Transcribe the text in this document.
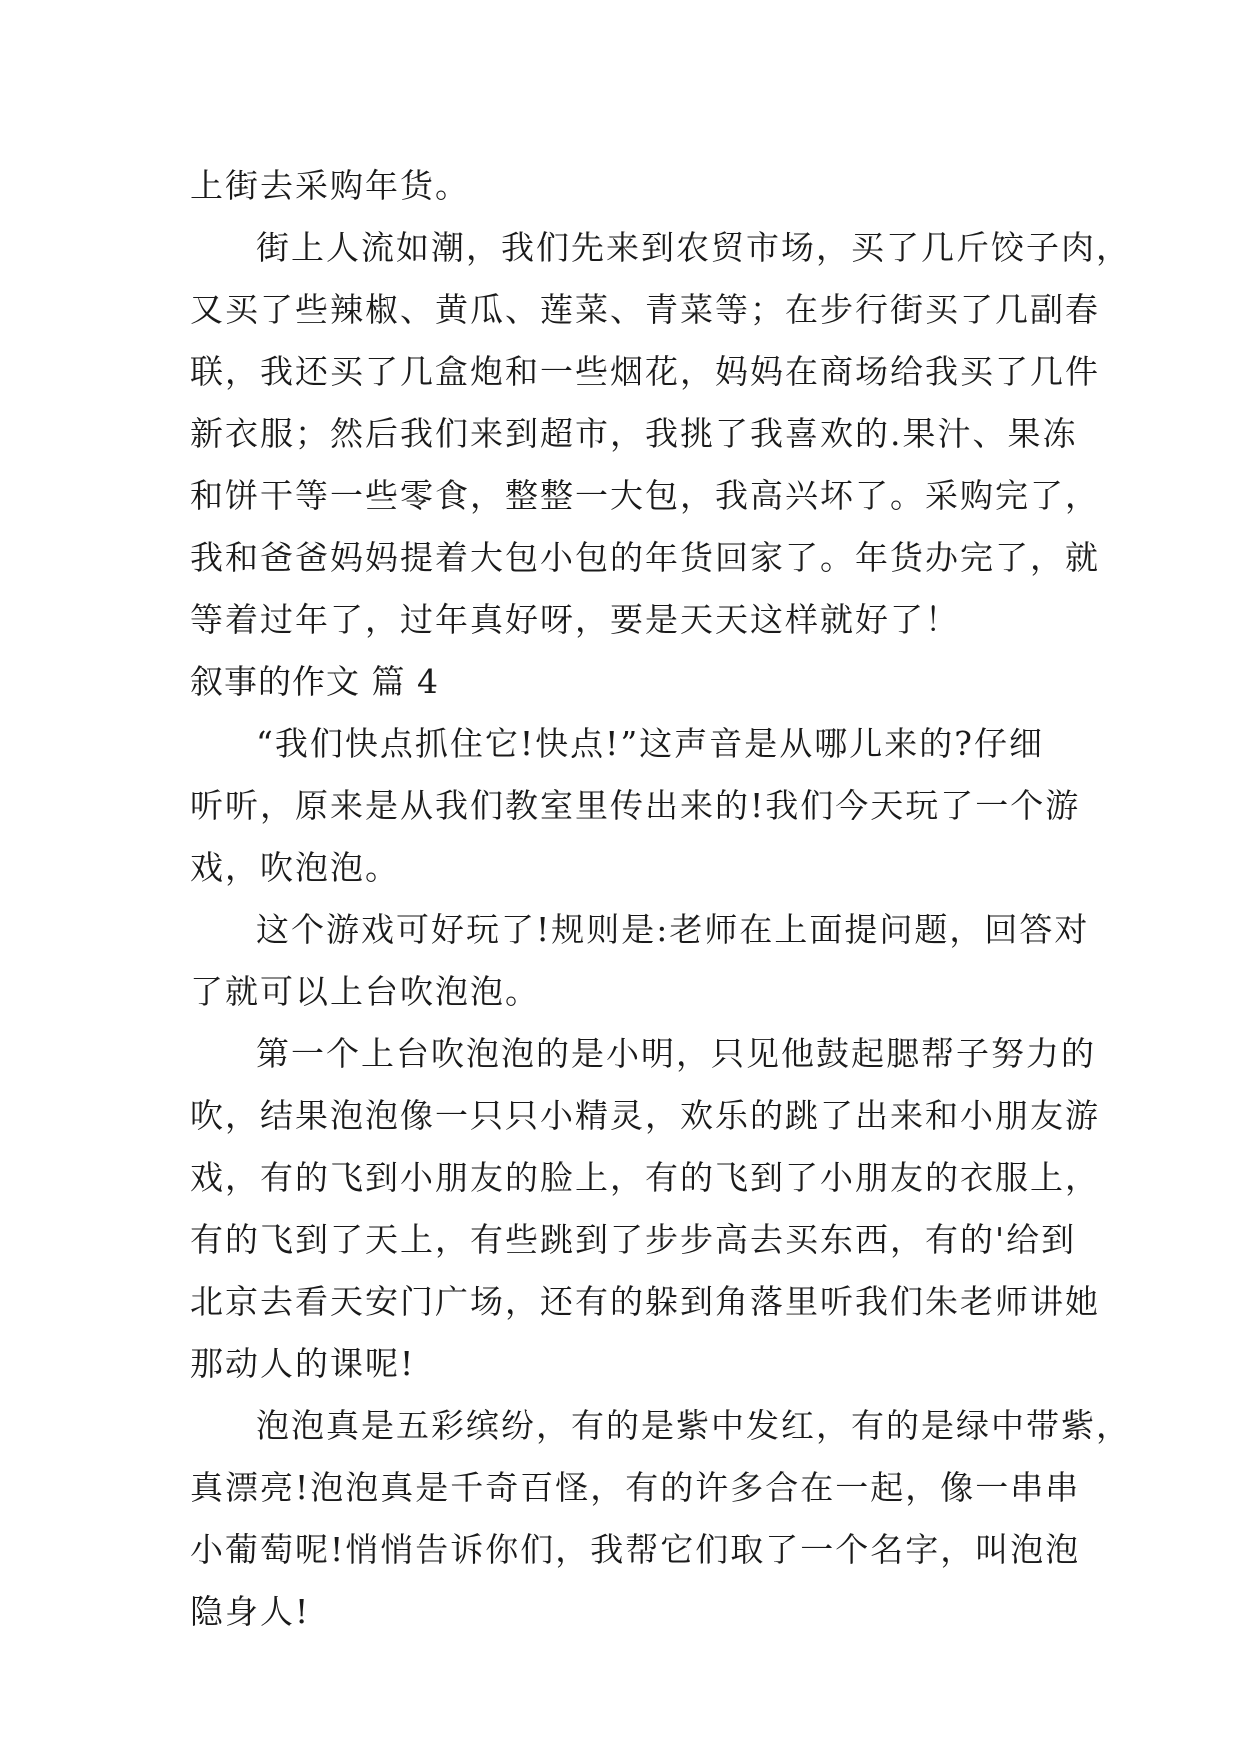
上街去采购年货。
街上人流如潮，我们先来到农贸市场，买了几斤饺子肉，
又买了些辣椒、黄瓜、莲菜、青菜等；在步行街买了几副春
联，我还买了几盒炮和一些烟花，妈妈在商场给我买了几件
新衣服；然后我们来到超市，我挑了我喜欢的.果汁、果冻
和饼干等一些零食，整整一大包，我高兴坏了。采购完了，
我和爸爸妈妈提着大包小包的年货回家了。年货办完了，就
等着过年了，过年真好呀，要是天天这样就好了！
叙事的作文 篇 4
“我们快点抓住它!快点!”这声音是从哪儿来的?仔细
听听，原来是从我们教室里传出来的!我们今天玩了一个游
戏，吹泡泡。
这个游戏可好玩了!规则是:老师在上面提问题，回答对
了就可以上台吹泡泡。
第一个上台吹泡泡的是小明，只见他鼓起腮帮子努力的
吹，结果泡泡像一只只小精灵，欢乐的跳了出来和小朋友游
戏，有的飞到小朋友的脸上，有的飞到了小朋友的衣服上，
有的飞到了天上，有些跳到了步步高去买东西，有的'给到
北京去看天安门广场，还有的躲到角落里听我们朱老师讲她
那动人的课呢!
泡泡真是五彩缤纷，有的是紫中发红，有的是绿中带紫，
真漂亮!泡泡真是千奇百怪，有的许多合在一起，像一串串
小葡萄呢!悄悄告诉你们，我帮它们取了一个名字，叫泡泡
隐身人!
